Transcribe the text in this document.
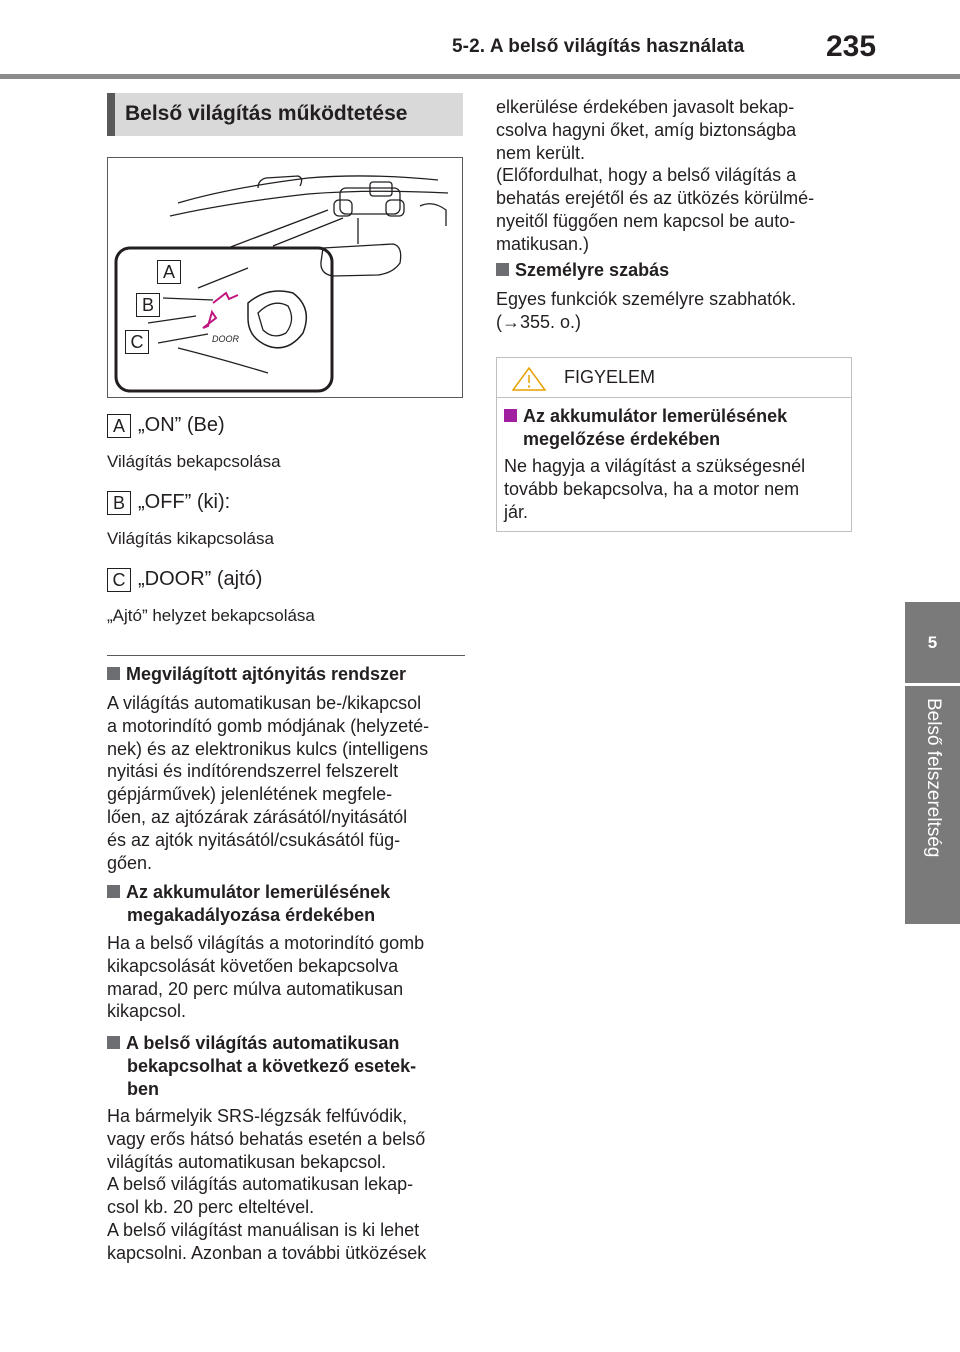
5-2. A belső világítás használata	235
5
Belső felszereltség
Belső világítás működtetése
DOOR
A
B
C
A „ON” (Be)
Világítás bekapcsolása
B „OFF” (ki):
Világítás kikapcsolása
C „DOOR” (ajtó)
„Ajtó” helyzet bekapcsolása
Megvilágított ajtónyitás rendszer
A világítás automatikusan be-/kikapcsol
a motorindító gomb módjának (helyzeté-
nek) és az elektronikus kulcs (intelligens
nyitási és indítórendszerrel felszerelt
gépjárművek) jelenlétének megfele-
lően, az ajtózárak zárásától/nyitásától
és az ajtók nyitásától/csukásától füg-
gően.
Az akkumulátor lemerülésének
megakadályozása érdekében
Ha a belső világítás a motorindító gomb
kikapcsolását követően bekapcsolva
marad, 20 perc múlva automatikusan
kikapcsol.
A belső világítás automatikusan
bekapcsolhat a következő esetek-
ben
Ha bármelyik SRS-légzsák felfúvódik,
vagy erős hátsó behatás esetén a belső
világítás automatikusan bekapcsol.
A belső világítás automatikusan lekap-
csol kb. 20 perc elteltével.
A belső világítást manuálisan is ki lehet
kapcsolni. Azonban a további ütközések
elkerülése érdekében javasolt bekap-
csolva hagyni őket, amíg biztonságba
nem került.
(Előfordulhat, hogy a belső világítás a
behatás erejétől és az ütközés körülmé-
nyeitől függően nem kapcsol be auto-
matikusan.)
Személyre szabás
Egyes funkciók személyre szabhatók.
(→355. o.)
FIGYELEM
Az akkumulátor lemerülésének
megelőzése érdekében
Ne hagyja a világítást a szükségesnél
tovább bekapcsolva, ha a motor nem
jár.
